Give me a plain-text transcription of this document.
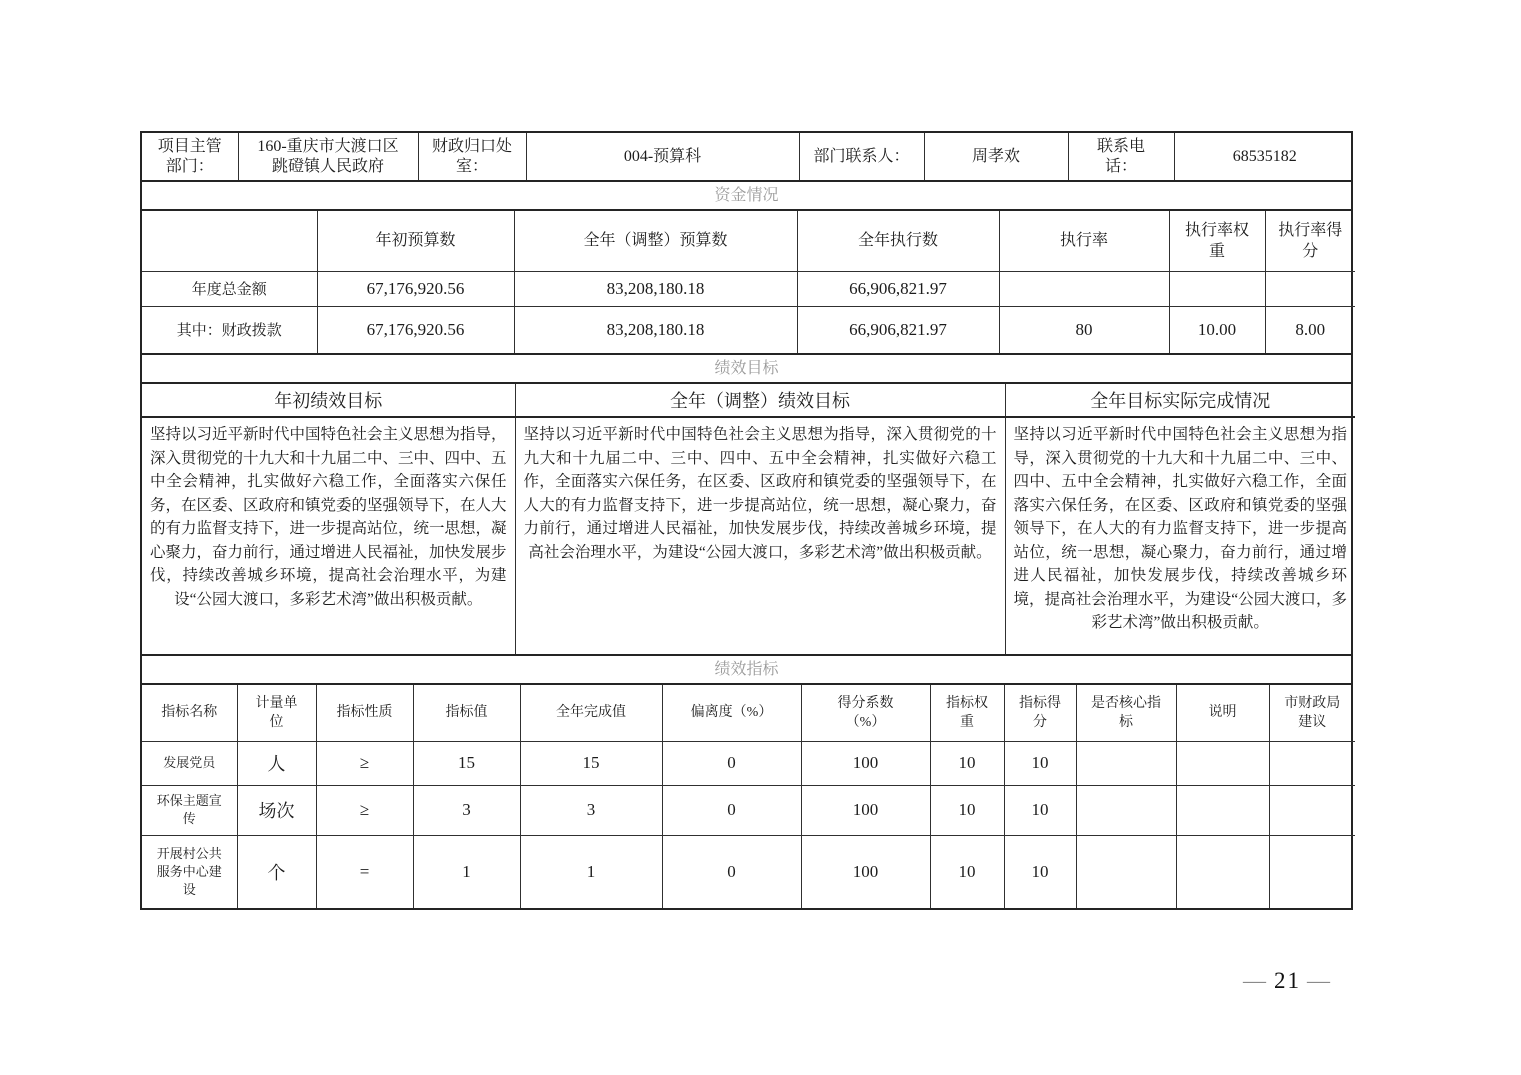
项目主管部门：	160-重庆市大渡口区跳磴镇人民政府	财政归口处室：	004-预算科	部门联系人：	周孝欢	联系电话：	68535182
资金情况
	年初预算数	全年（调整）预算数	全年执行数	执行率	执行率权重	执行率得分
年度总金额	67,176,920.56	83,208,180.18	66,906,821.97			
其中：财政拨款	67,176,920.56	83,208,180.18	66,906,821.97	80	10.00	8.00
绩效目标
年初绩效目标	全年（调整）绩效目标	全年目标实际完成情况
坚持以习近平新时代中国特色社会主义思想为指导，深入贯彻党的十九大和十九届二中、三中、四中、五中全会精神，扎实做好六稳工作，全面落实六保任务，在区委、区政府和镇党委的坚强领导下，在人大的有力监督支持下，进一步提高站位，统一思想，凝心聚力，奋力前行，通过增进人民福祉，加快发展步伐，持续改善城乡环境，提高社会治理水平，为建设“公园大渡口，多彩艺术湾”做出积极贡献。	坚持以习近平新时代中国特色社会主义思想为指导，深入贯彻党的十九大和十九届二中、三中、四中、五中全会精神，扎实做好六稳工作，全面落实六保任务，在区委、区政府和镇党委的坚强领导下，在人大的有力监督支持下，进一步提高站位，统一思想，凝心聚力，奋力前行，通过增进人民福祉，加快发展步伐，持续改善城乡环境，提高社会治理水平，为建设“公园大渡口，多彩艺术湾”做出积极贡献。	坚持以习近平新时代中国特色社会主义思想为指导，深入贯彻党的十九大和十九届二中、三中、四中、五中全会精神，扎实做好六稳工作，全面落实六保任务，在区委、区政府和镇党委的坚强领导下，在人大的有力监督支持下，进一步提高站位，统一思想，凝心聚力，奋力前行，通过增进人民福祉，加快发展步伐，持续改善城乡环境，提高社会治理水平，为建设“公园大渡口，多彩艺术湾”做出积极贡献。
绩效指标
指标名称	计量单位	指标性质	指标值	全年完成值	偏离度（%）	得分系数（%）	指标权重	指标得分	是否核心指标	说明	市财政局建议
发展党员	人	≥	15	15	0	100	10	10			
环保主题宣传	场次	≥	3	3	0	100	10	10			
开展村公共服务中心建设	个	=	1	1	0	100	10	10			
— 21 —
